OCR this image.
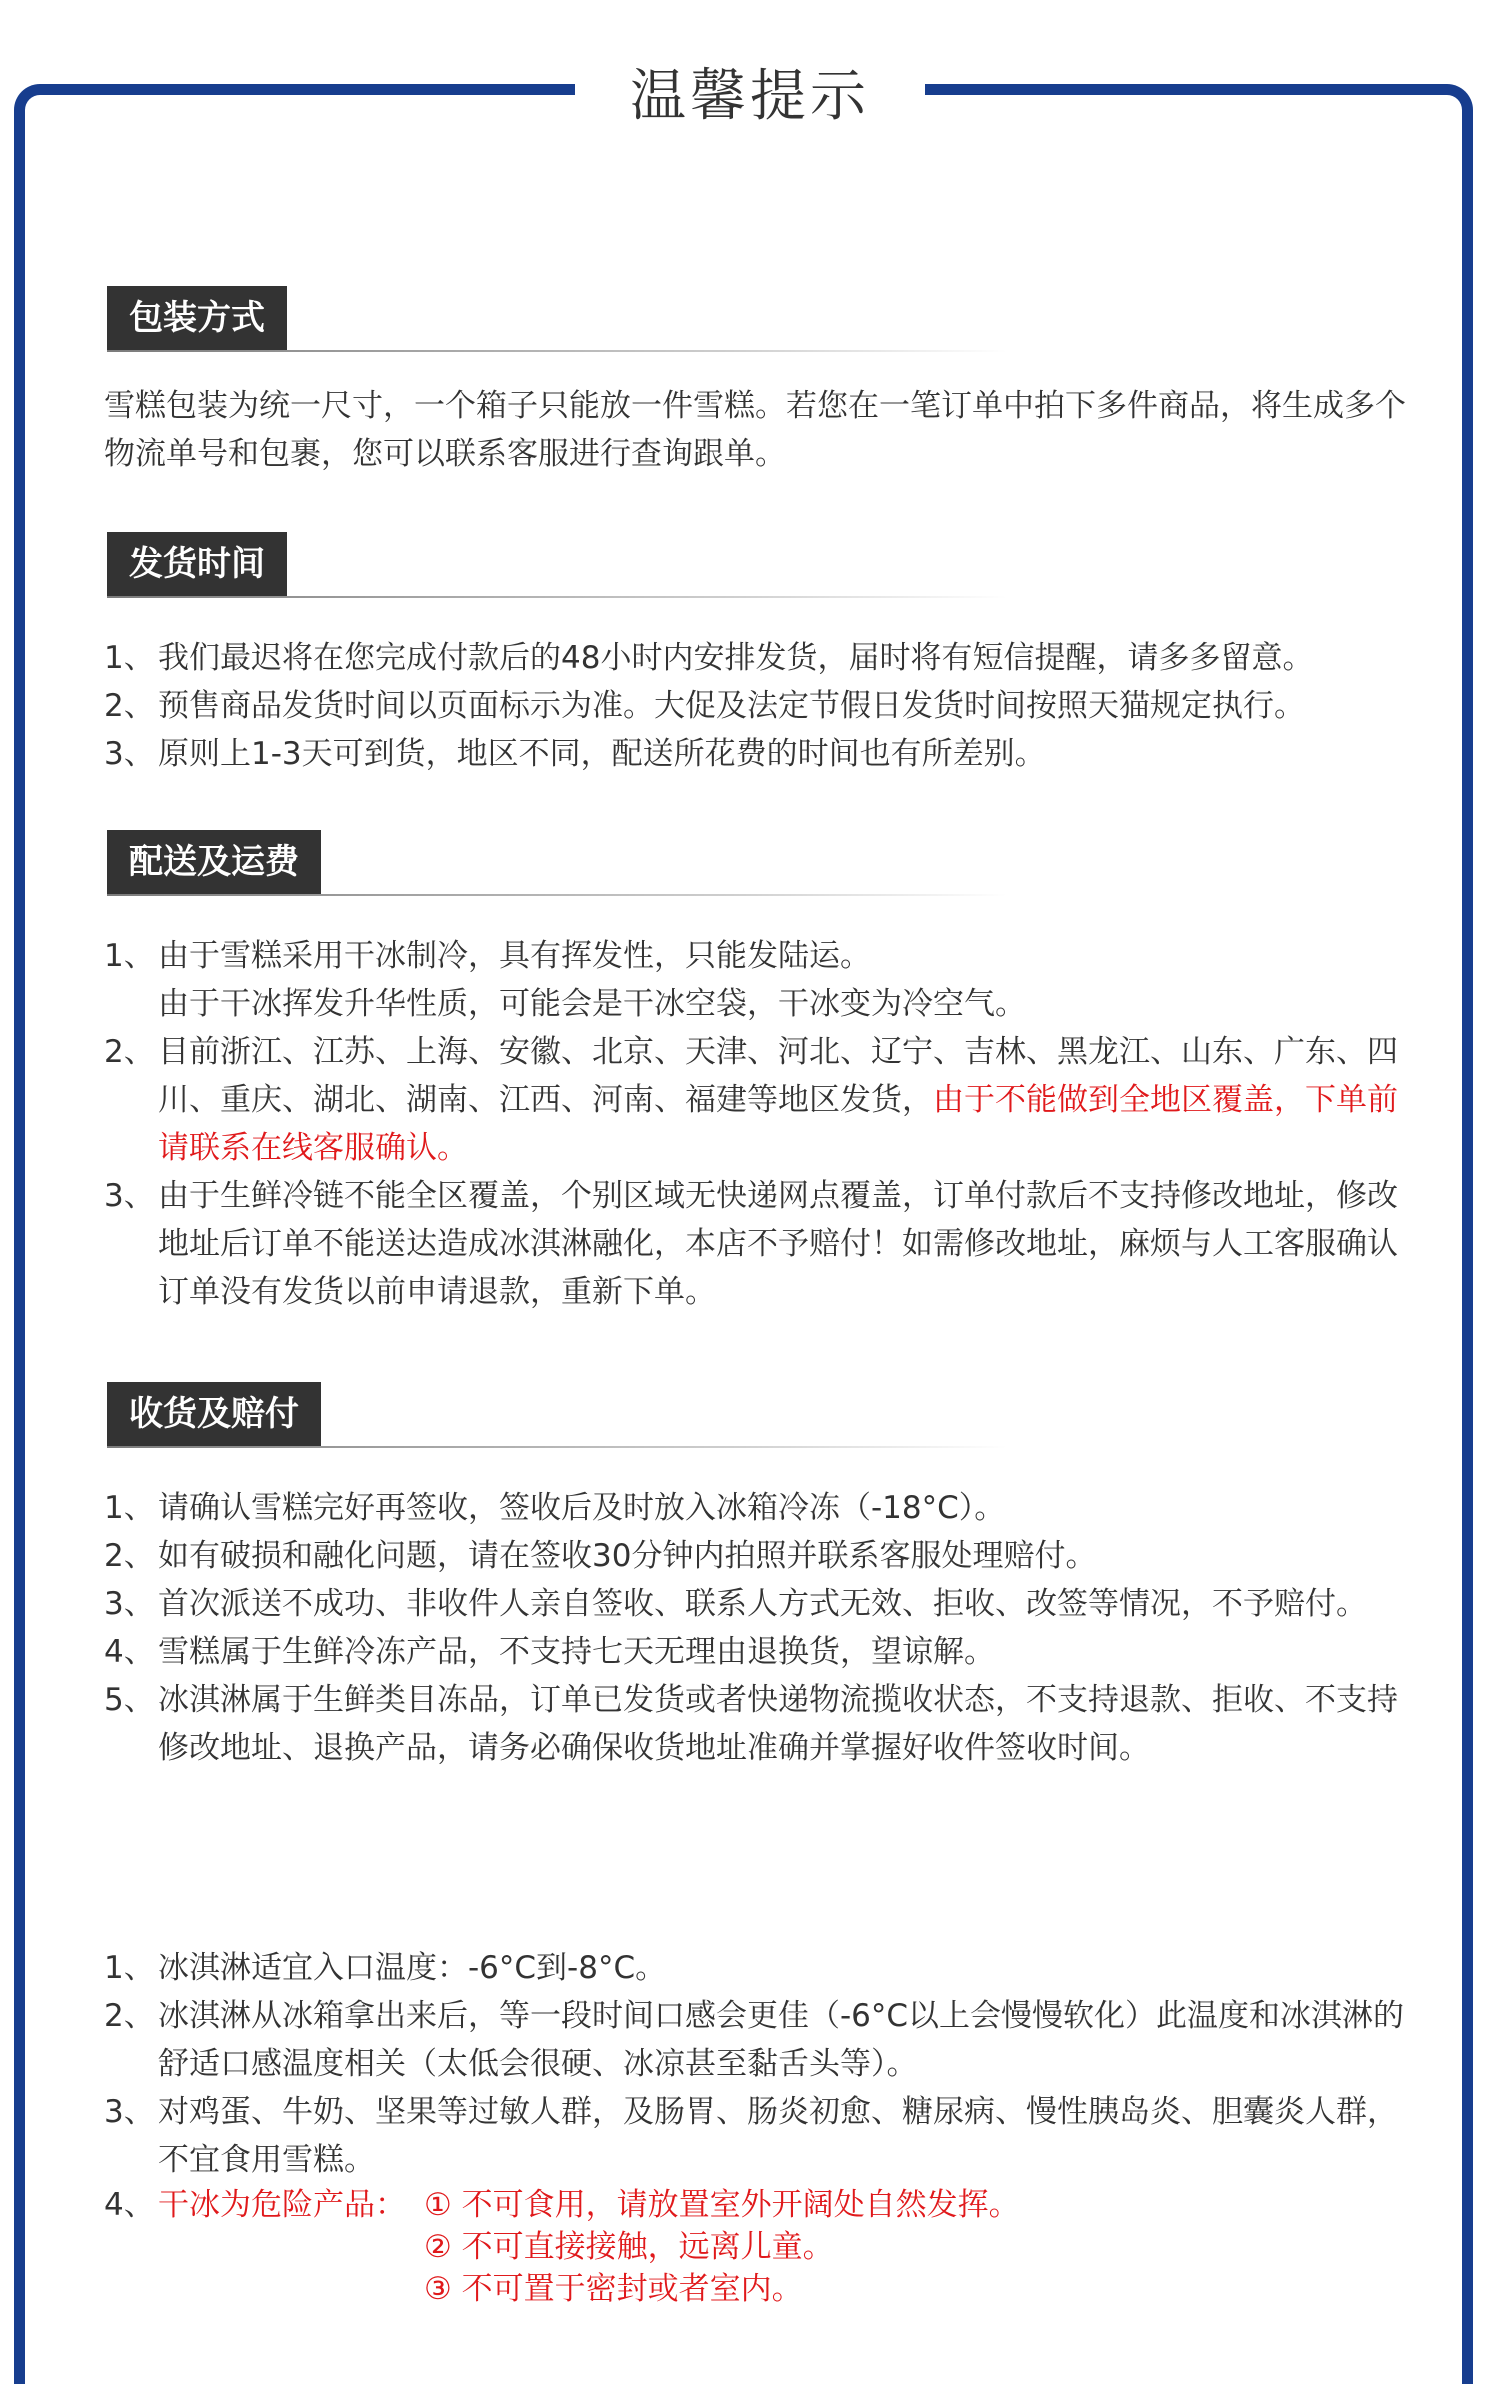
温馨提示
包装方式
雪糕包装为统一尺寸，一个箱子只能放一件雪糕。若您在一笔订单中拍下多件商品，将生成多个物流单号和包裹，您可以联系客服进行查询跟单。
发货时间
1、 我们最迟将在您完成付款后的48小时内安排发货，届时将有短信提醒，请多多留意。
2、 预售商品发货时间以页面标示为准。大促及法定节假日发货时间按照天猫规定执行。
3、 原则上1-3天可到货，地区不同，配送所花费的时间也有所差别。
配送及运费
1、 由于雪糕采用干冰制冷，具有挥发性，只能发陆运。
由于干冰挥发升华性质，可能会是干冰空袋，干冰变为冷空气。
2、 目前浙江、江苏、上海、安徽、北京、天津、河北、辽宁、吉林、黑龙江、山东、广东、四川、重庆、湖北、湖南、江西、河南、福建等地区发货，由于不能做到全地区覆盖，下单前请联系在线客服确认。
3、 由于生鲜冷链不能全区覆盖，个别区域无快递网点覆盖，订单付款后不支持修改地址，修改地址后订单不能送达造成冰淇淋融化，本店不予赔付！如需修改地址，麻烦与人工客服确认订单没有发货以前申请退款，重新下单。
收货及赔付
1、 请确认雪糕完好再签收，签收后及时放入冰箱冷冻（-18°C）。
2、 如有破损和融化问题，请在签收30分钟内拍照并联系客服处理赔付。
3、 首次派送不成功、非收件人亲自签收、联系人方式无效、拒收、改签等情况，不予赔付。
4、 雪糕属于生鲜冷冻产品，不支持七天无理由退换货，望谅解。
5、 冰淇淋属于生鲜类目冻品，订单已发货或者快递物流揽收状态，不支持退款、拒收、不支持修改地址、退换产品，请务必确保收货地址准确并掌握好收件签收时间。
1、 冰淇淋适宜入口温度：-6°C到-8°C。
2、 冰淇淋从冰箱拿出来后，等一段时间口感会更佳（-6°C以上会慢慢软化）此温度和冰淇淋的舒适口感温度相关（太低会很硬、冰凉甚至黏舌头等）。
3、 对鸡蛋、牛奶、坚果等过敏人群，及肠胃、肠炎初愈、糖尿病、慢性胰岛炎、胆囊炎人群，不宜食用雪糕。
4、 干冰为危险产品： ① 不可食用，请放置室外开阔处自然发挥。
② 不可直接接触，远离儿童。
③ 不可置于密封或者室内。
